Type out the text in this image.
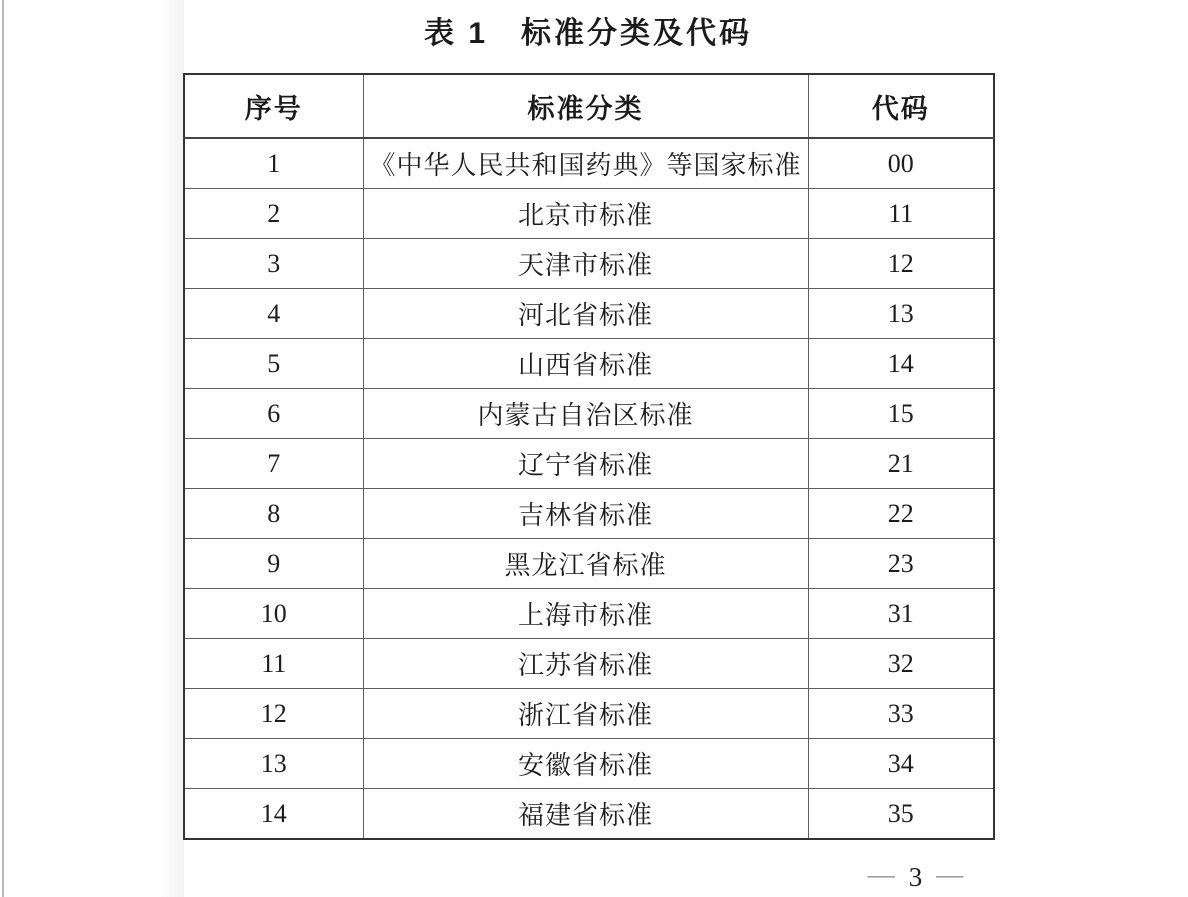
表 1　标准分类及代码
序号	标准分类	代码
1	《中华人民共和国药典》等国家标准	00
2	北京市标准	11
3	天津市标准	12
4	河北省标准	13
5	山西省标准	14
6	内蒙古自治区标准	15
7	辽宁省标准	21
8	吉林省标准	22
9	黑龙江省标准	23
10	上海市标准	31
11	江苏省标准	32
12	浙江省标准	33
13	安徽省标准	34
14	福建省标准	35
— 3 —
